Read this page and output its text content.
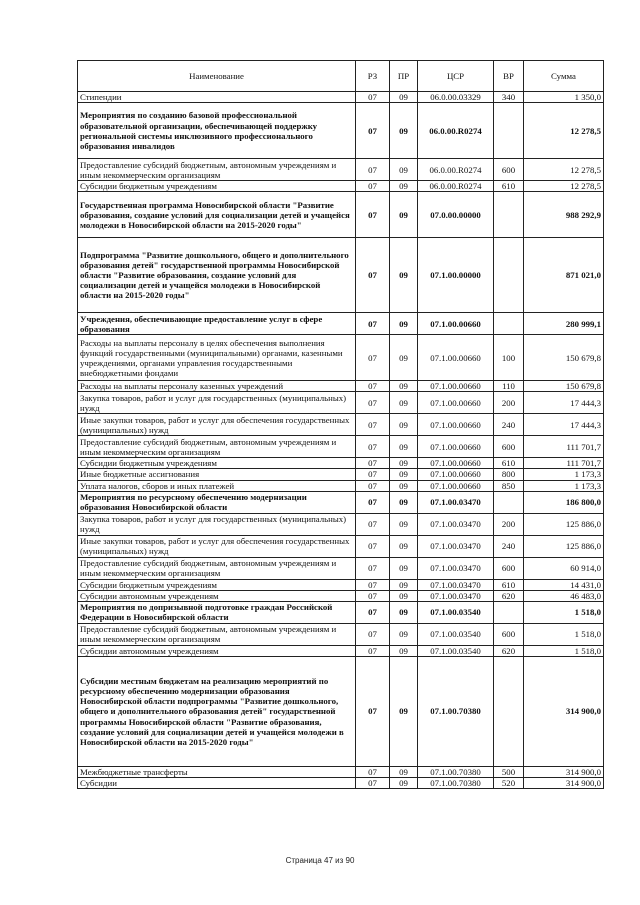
Наименование	РЗ	ПР	ЦСР	ВР	Сумма
Стипендии	07	09	06.0.00.03329	340	1 350,0
Мероприятия по созданию базовой профессиональной образовательной организации, обеспечивающей поддержку региональной системы инклюзивного профессионального образования инвалидов	07	09	06.0.00.R0274		12 278,5
Предоставление субсидий бюджетным, автономным учреждениям и иным некоммерческим организациям	07	09	06.0.00.R0274	600	12 278,5
Субсидии бюджетным учреждениям	07	09	06.0.00.R0274	610	12 278,5
Государственная программа Новосибирской области "Развитие образования, создание условий для социализации детей и учащейся молодежи в Новосибирской области на 2015-2020 годы"	07	09	07.0.00.00000		988 292,9
Подпрограмма "Развитие дошкольного, общего и дополнительного образования детей" государственной программы Новосибирской области "Развитие образования, создание условий для социализации детей и учащейся молодежи в Новосибирской области на 2015-2020 годы"	07	09	07.1.00.00000		871 021,0
Учреждения, обеспечивающие предоставление услуг в сфере образования	07	09	07.1.00.00660		280 999,1
Расходы на выплаты персоналу в целях обеспечения выполнения функций государственными (муниципальными) органами, казенными учреждениями, органами управления государственными внебюджетными фондами	07	09	07.1.00.00660	100	150 679,8
Расходы на выплаты персоналу казенных учреждений	07	09	07.1.00.00660	110	150 679,8
Закупка товаров, работ и услуг для государственных (муниципальных) нужд	07	09	07.1.00.00660	200	17 444,3
Иные закупки товаров, работ и услуг для обеспечения государственных (муниципальных) нужд	07	09	07.1.00.00660	240	17 444,3
Предоставление субсидий бюджетным, автономным учреждениям и иным некоммерческим организациям	07	09	07.1.00.00660	600	111 701,7
Субсидии бюджетным учреждениям	07	09	07.1.00.00660	610	111 701,7
Иные бюджетные ассигнования	07	09	07.1.00.00660	800	1 173,3
Уплата налогов, сборов и иных платежей	07	09	07.1.00.00660	850	1 173,3
Мероприятия по ресурсному обеспечению модернизации образования Новосибирской области	07	09	07.1.00.03470		186 800,0
Закупка товаров, работ и услуг для государственных (муниципальных) нужд	07	09	07.1.00.03470	200	125 886,0
Иные закупки товаров, работ и услуг для обеспечения государственных (муниципальных) нужд	07	09	07.1.00.03470	240	125 886,0
Предоставление субсидий бюджетным, автономным учреждениям и иным некоммерческим организациям	07	09	07.1.00.03470	600	60 914,0
Субсидии бюджетным учреждениям	07	09	07.1.00.03470	610	14 431,0
Субсидии автономным учреждениям	07	09	07.1.00.03470	620	46 483,0
Мероприятия по допризывной подготовке граждан Российской Федерации в Новосибирской области	07	09	07.1.00.03540		1 518,0
Предоставление субсидий бюджетным, автономным учреждениям и иным некоммерческим организациям	07	09	07.1.00.03540	600	1 518,0
Субсидии автономным учреждениям	07	09	07.1.00.03540	620	1 518,0
Субсидии местным бюджетам на реализацию мероприятий по ресурсному обеспечению модернизации образования Новосибирской области подпрограммы "Развитие дошкольного, общего и дополнительного образования детей" государственной программы Новосибирской области "Развитие образования, создание условий для социализации детей и учащейся молодежи в Новосибирской области на 2015-2020 годы"	07	09	07.1.00.70380		314 900,0
Межбюджетные трансферты	07	09	07.1.00.70380	500	314 900,0
Субсидии	07	09	07.1.00.70380	520	314 900,0
Страница 47 из 90
